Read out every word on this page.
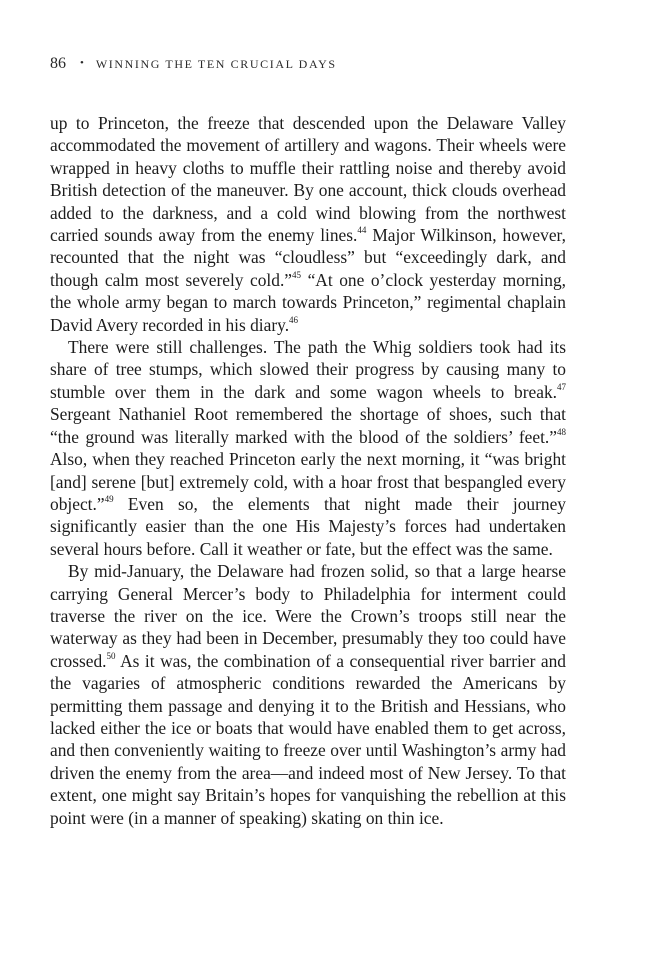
86 • WINNING THE TEN CRUCIAL DAYS

up to Princeton, the freeze that descended upon the Delaware Valley accommodated the movement of artillery and wagons. Their wheels were wrapped in heavy cloths to muffle their rattling noise and thereby avoid British detection of the maneuver. By one account, thick clouds overhead added to the darkness, and a cold wind blowing from the northwest carried sounds away from the enemy lines.$^{44}$ Major Wilkinson, however, recounted that the night was “cloudless” but “exceedingly dark, and though calm most severely cold.”$^{45}$ “At one o’clock yesterday morning, the whole army began to march towards Princeton,” regimental chaplain David Avery recorded in his diary.$^{46}$

There were still challenges. The path the Whig soldiers took had its share of tree stumps, which slowed their progress by causing many to stumble over them in the dark and some wagon wheels to break.$^{47}$ Sergeant Nathaniel Root remembered the shortage of shoes, such that “the ground was literally marked with the blood of the soldiers’ feet.”$^{48}$ Also, when they reached Princeton early the next morning, it “was bright [and] serene [but] extremely cold, with a hoar frost that bespangled every object.”$^{49}$ Even so, the elements that night made their journey significantly easier than the one His Majesty’s forces had undertaken several hours before. Call it weather or fate, but the effect was the same.

By mid-January, the Delaware had frozen solid, so that a large hearse carrying General Mercer’s body to Philadelphia for interment could traverse the river on the ice. Were the Crown’s troops still near the waterway as they had been in December, presumably they too could have crossed.$^{50}$ As it was, the combination of a consequential river barrier and the vagaries of atmospheric conditions rewarded the Americans by permitting them passage and denying it to the British and Hessians, who lacked either the ice or boats that would have enabled them to get across, and then conveniently waiting to freeze over until Washington’s army had driven the enemy from the area—and indeed most of New Jersey. To that extent, one might say Britain’s hopes for vanquishing the rebellion at this point were (in a manner of speaking) skating on thin ice.
